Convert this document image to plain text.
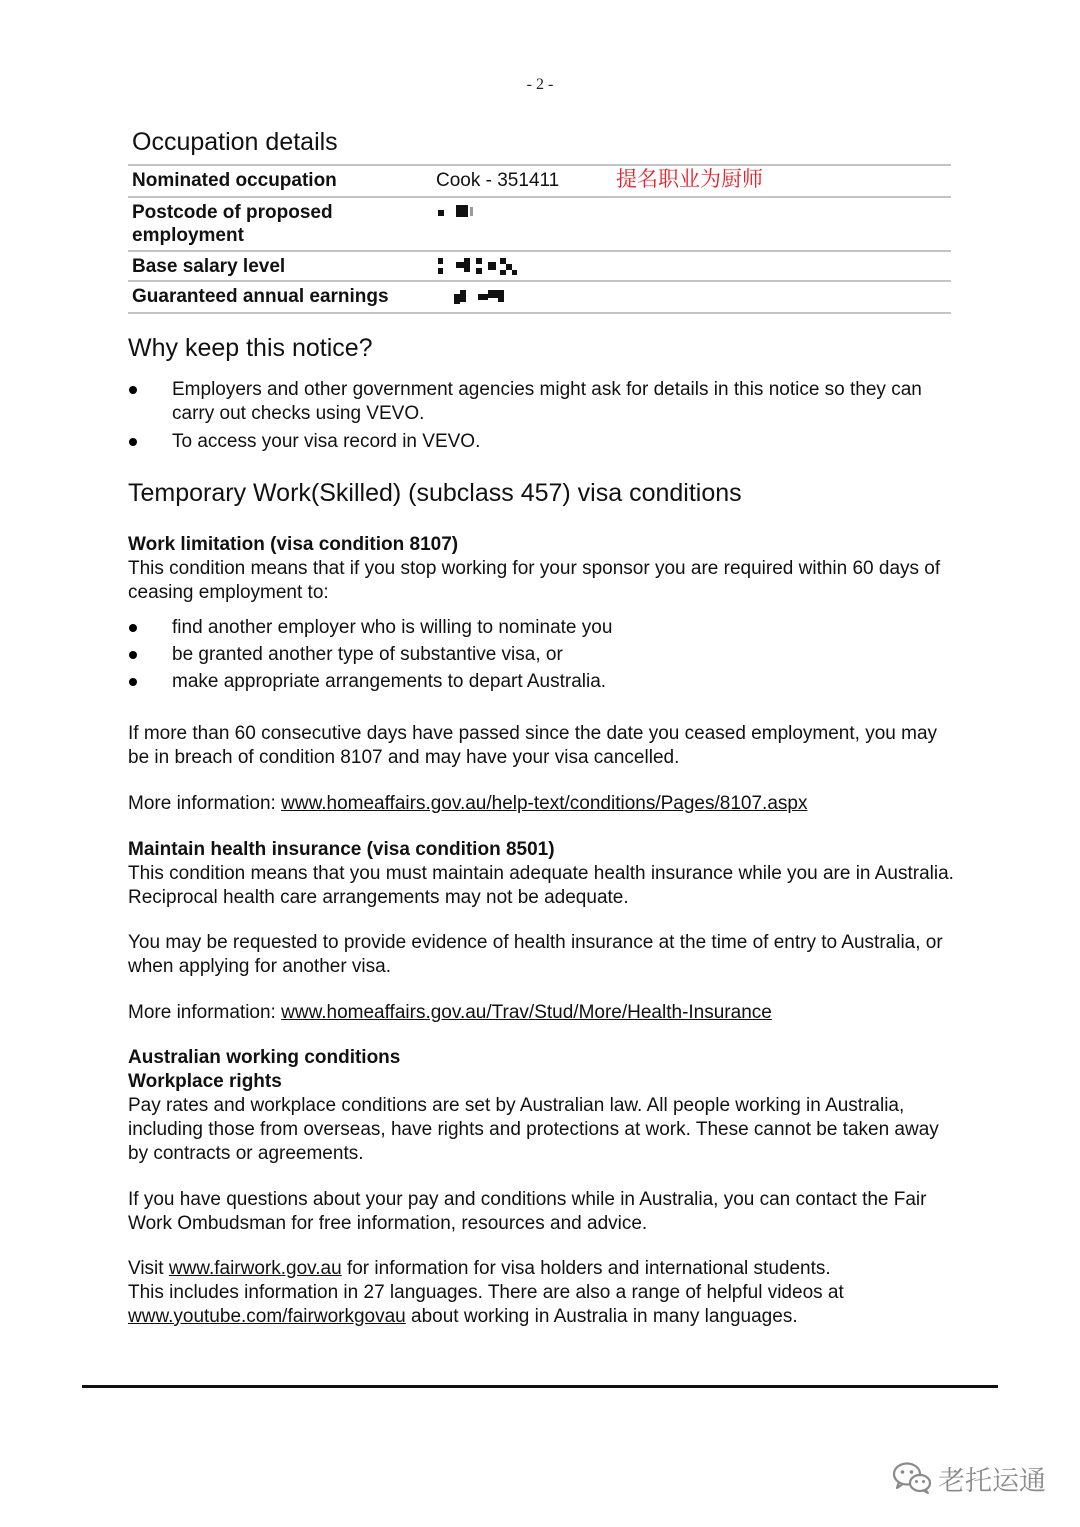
- 2 -
Occupation details
Nominated occupation	Cook - 351411	提名职业为厨师
Postcode of proposed employment
Base salary level
Guaranteed annual earnings
Why keep this notice?
Employers and other government agencies might ask for details in this notice so they can carry out checks using VEVO.
To access your visa record in VEVO.
Temporary Work(Skilled) (subclass 457) visa conditions

Work limitation (visa condition 8107)
This condition means that if you stop working for your sponsor you are required within 60 days of ceasing employment to:

find another employer who is willing to nominate you
be granted another type of substantive visa, or
make appropriate arrangements to depart Australia.

If more than 60 consecutive days have passed since the date you ceased employment, you may be in breach of condition 8107 and may have your visa cancelled.

More information: www.homeaffairs.gov.au/help-text/conditions/Pages/8107.aspx

Maintain health insurance (visa condition 8501)
This condition means that you must maintain adequate health insurance while you are in Australia. Reciprocal health care arrangements may not be adequate.

You may be requested to provide evidence of health insurance at the time of entry to Australia, or when applying for another visa.

More information: www.homeaffairs.gov.au/Trav/Stud/More/Health-Insurance

Australian working conditions
Workplace rights
Pay rates and workplace conditions are set by Australian law. All people working in Australia, including those from overseas, have rights and protections at work. These cannot be taken away by contracts or agreements.

If you have questions about your pay and conditions while in Australia, you can contact the Fair Work Ombudsman for free information, resources and advice.

Visit www.fairwork.gov.au for information for visa holders and international students.
This includes information in 27 languages. There are also a range of helpful videos at
www.youtube.com/fairworkgovau about working in Australia in many languages.

老托运通
